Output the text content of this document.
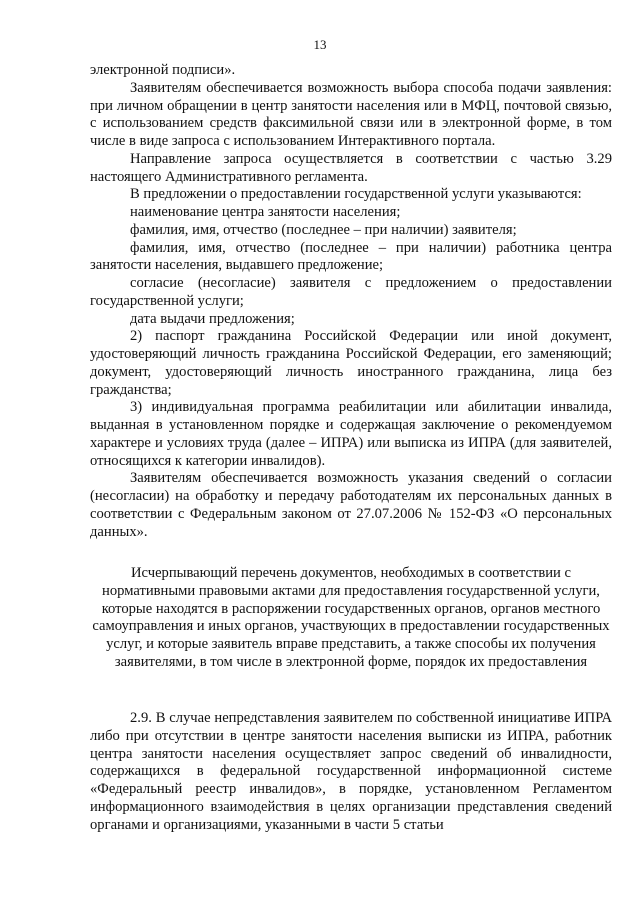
13

электронной подписи».

Заявителям обеспечивается возможность выбора способа подачи заявления: при личном обращении в центр занятости населения или в МФЦ, почтовой связью, с использованием средств факсимильной связи или в электронной форме, в том числе в виде запроса с использованием Интерактивного портала.

Направление запроса осуществляется в соответствии с частью 3.29 настоящего Административного регламента.

В предложении о предоставлении государственной услуги указываются:

наименование центра занятости населения;

фамилия, имя, отчество (последнее – при наличии) заявителя;

фамилия, имя, отчество (последнее – при наличии) работника центра занятости населения, выдавшего предложение;

согласие (несогласие) заявителя с предложением о предоставлении государственной услуги;

дата выдачи предложения;

2) паспорт гражданина Российской Федерации или иной документ, удостоверяющий личность гражданина Российской Федерации, его заменяющий; документ, удостоверяющий личность иностранного гражданина, лица без гражданства;

3) индивидуальная программа реабилитации или абилитации инвалида, выданная в установленном порядке и содержащая заключение о рекомендуемом характере и условиях труда (далее – ИПРА) или выписка из ИПРА (для заявителей, относящихся к категории инвалидов).

Заявителям обеспечивается возможность указания сведений о согласии (несогласии) на обработку и передачу работодателям их персональных данных в соответствии с Федеральным законом от 27.07.2006 № 152-ФЗ «О персональных данных».

Исчерпывающий перечень документов, необходимых в соответствии с нормативными правовыми актами для предоставления государственной услуги, которые находятся в распоряжении государственных органов, органов местного самоуправления и иных органов, участвующих в предоставлении государственных услуг, и которые заявитель вправе представить, а также способы их получения заявителями, в том числе в электронной форме, порядок их предоставления

2.9. В случае непредставления заявителем по собственной инициативе ИПРА либо при отсутствии в центре занятости населения выписки из ИПРА, работник центра занятости населения осуществляет запрос сведений об инвалидности, содержащихся в федеральной государственной информационной системе «Федеральный реестр инвалидов», в порядке, установленном Регламентом информационного взаимодействия в целях организации представления сведений органами и организациями, указанными в части 5 статьи
